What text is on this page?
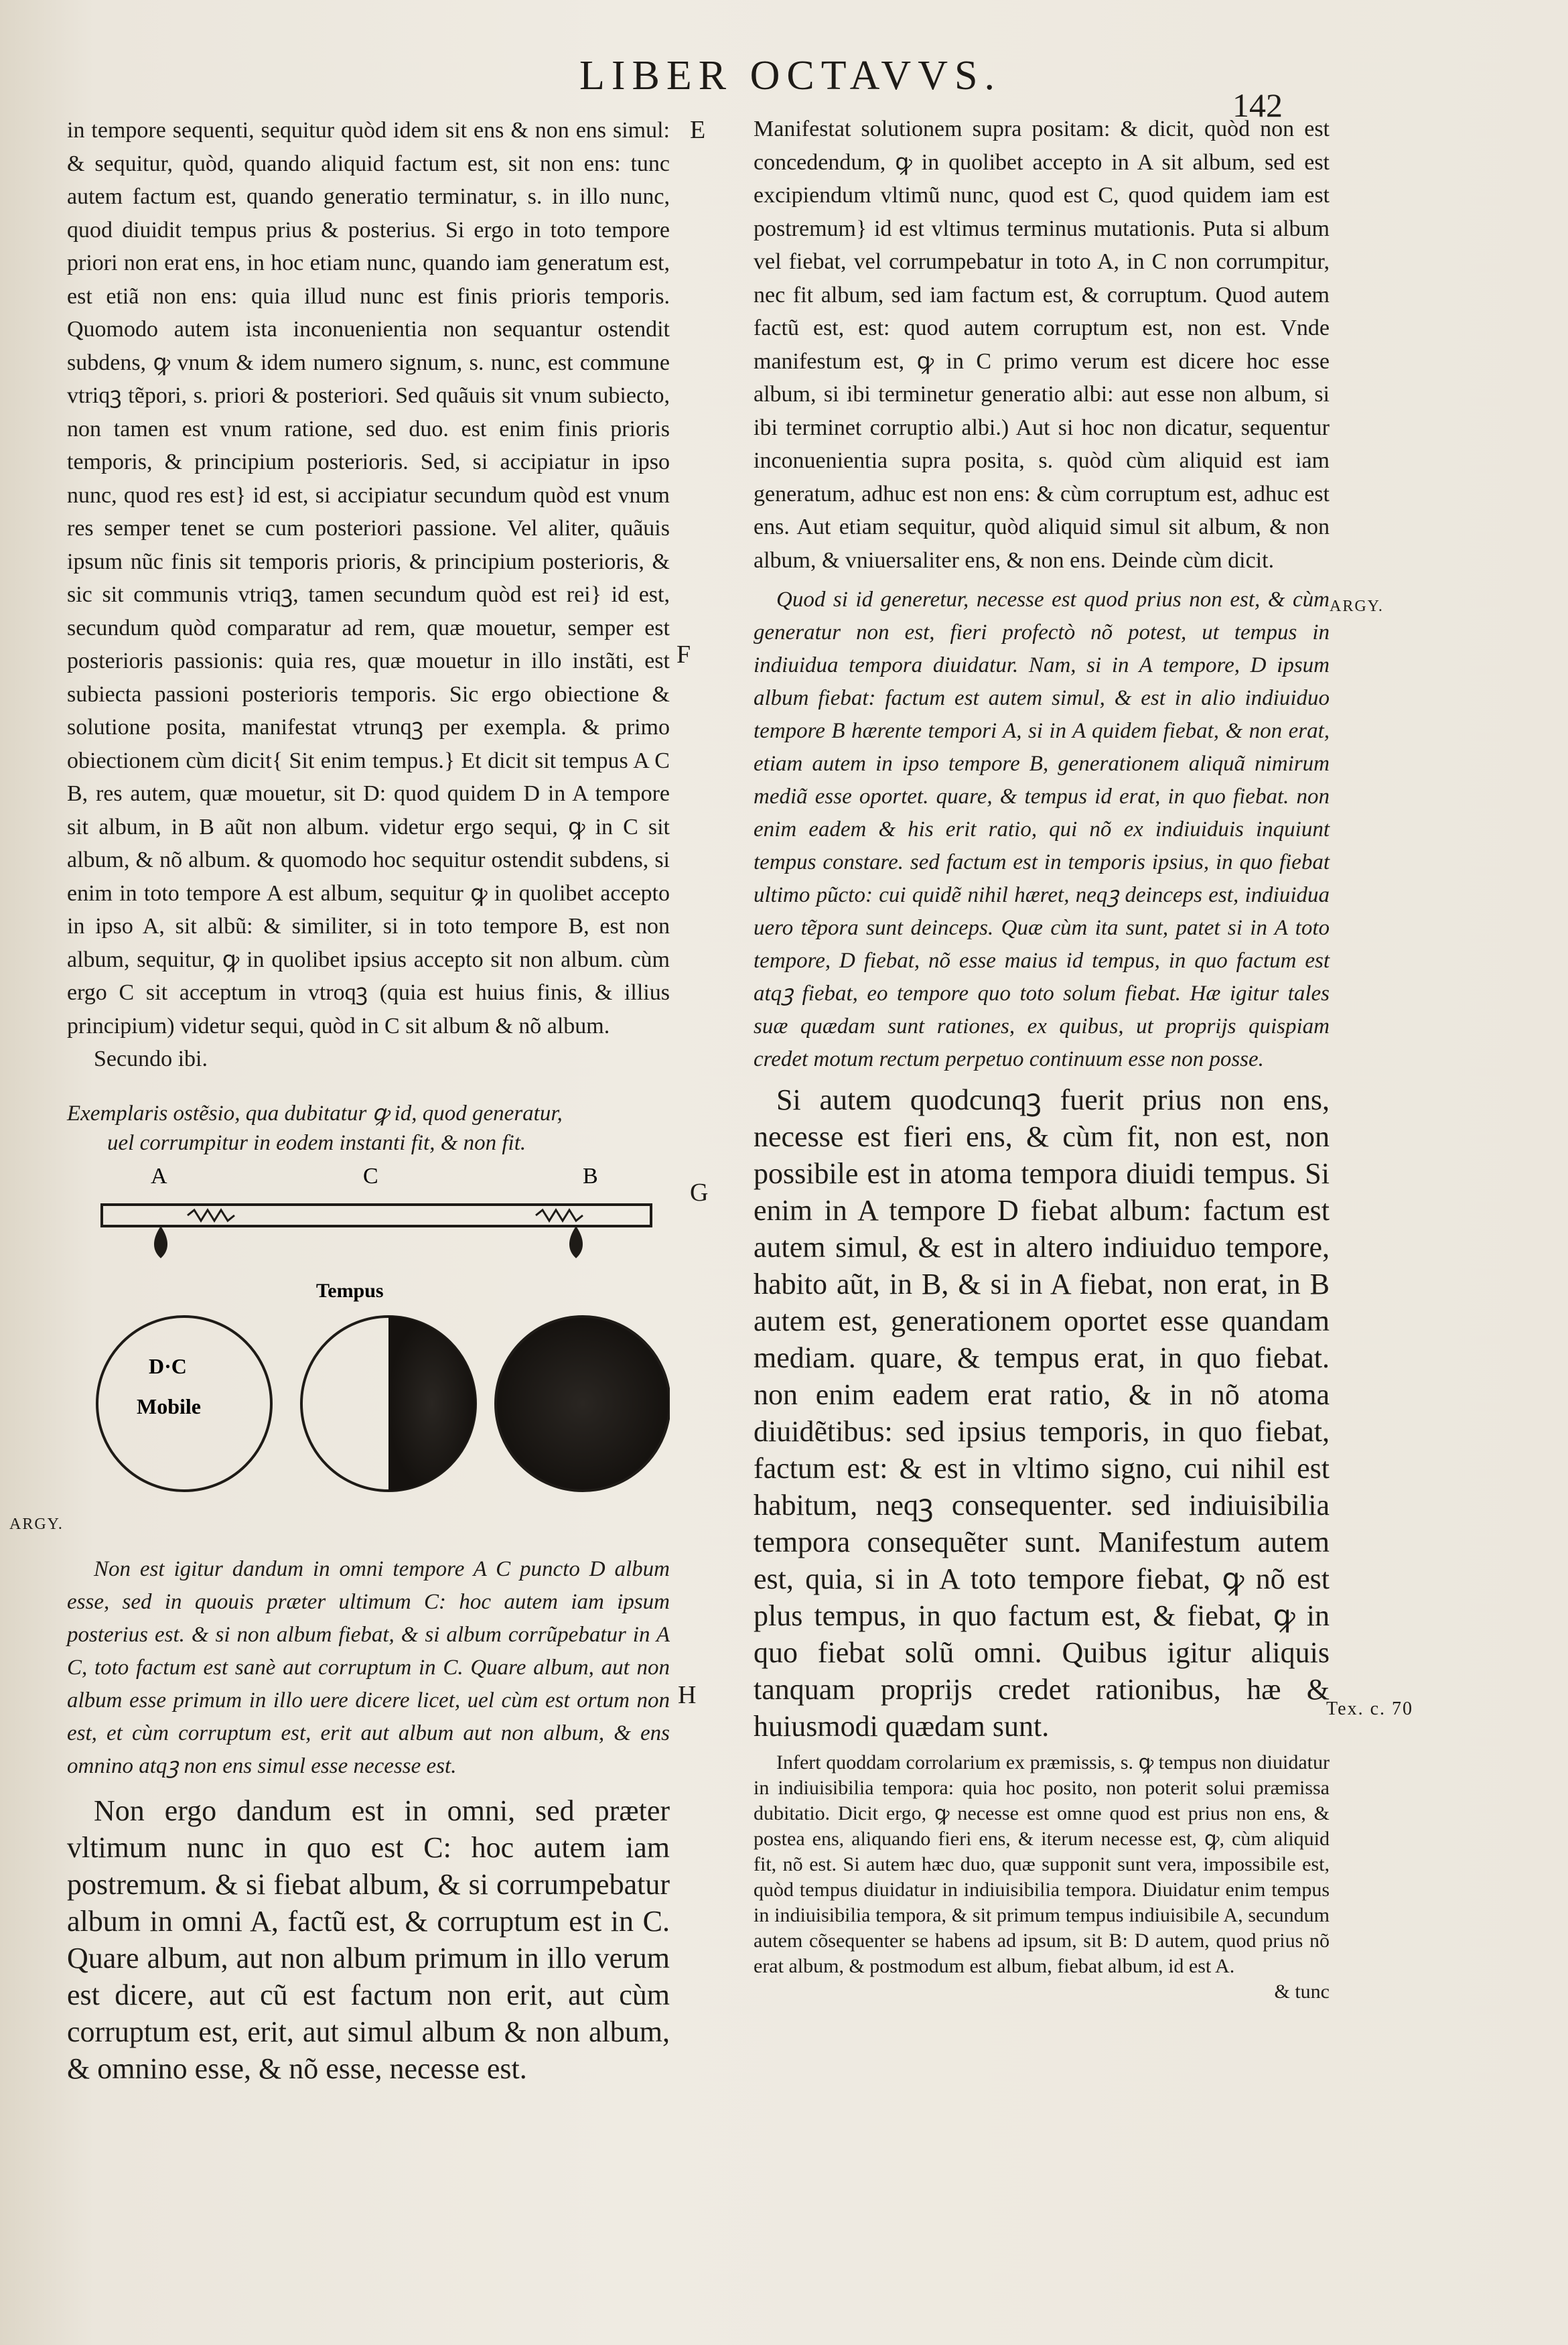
LIBER OCTAVVS.
142

in tempore sequenti, sequitur quòd idem sit ens & non ens simul: & sequitur, quòd, quando aliquid factum est, sit non ens: tunc autem factum est, quando generatio terminatur, s. in illo nunc, quod diuidit tempus prius & posterius. Si ergo in toto tempore priori non erat ens, in hoc etiam nunc, quando iam generatum est, est etiã non ens: quia illud nunc est finis prioris temporis. Quomodo autem ista inconuenientia non sequantur ostendit subdens, ꝙ vnum & idem numero signum, s. nunc, est commune vtriqꝫ tẽpori, s. priori & posteriori. Sed quãuis sit vnum subiecto, non tamen est vnum ratione, sed duo. est enim finis prioris temporis, & principium posterioris. Sed, si accipiatur in ipso nunc, quod res est} id est, si accipiatur secundum quòd est vnum res semper tenet se cum posteriori passione. Vel aliter, quãuis ipsum nũc finis sit temporis prioris, & principium posterioris, & sic sit communis vtriqꝫ, tamen secundum quòd est rei} id est, secundum quòd comparatur ad rem, quæ mouetur, semper est posterioris passionis: quia res, quæ mouetur in illo instãti, est subiecta passioni posterioris temporis. Sic ergo obiectione & solutione posita, manifestat vtrunqꝫ per exempla. & primo obiectionem cùm dicit{ Sit enim tempus.} Et dicit sit tempus A C B, res autem, quæ mouetur, sit D: quod quidem D in A tempore sit album, in B aũt non album. videtur ergo sequi, ꝙ in C sit album, & nõ album. & quomodo hoc sequitur ostendit subdens, si enim in toto tempore A est album, sequitur ꝙ in quolibet accepto in ipso A, sit albũ: & similiter, si in toto tempore B, est non album, sequitur, ꝙ in quolibet ipsius accepto sit non album. cùm ergo C sit acceptum in vtroqꝫ (quia est huius finis, & illius principium) videtur sequi, quòd in C sit album & nõ album.

Secundo ibi.

Exemplaris ostẽsio, qua dubitatur ꝙ id, quod generatur,
uel corrumpitur in eodem instanti fit, & non fit.
A	C	B
Tempus
D·C
Mobile

Non est igitur dandum in omni tempore A C puncto D album esse, sed in quouis præter ultimum C: hoc autem iam ipsum posterius est. & si non album fiebat, & si album corrũpebatur in A C, toto factum est sanè aut corruptum in C. Quare album, aut non album esse primum in illo uere dicere licet, uel cùm est ortum non est, et cùm corruptum est, erit aut album aut non album, & ens omnino atqꝫ non ens simul esse necesse est.

Non ergo dandum est in omni, sed præter vltimum nunc in quo est C: hoc autem iam postremum. & si fiebat album, & si corrumpebatur album in omni A, factũ est, & corruptum est in C. Quare album, aut non album primum in illo verum est dicere, aut cũ est factum non erit, aut cùm corruptum est, erit, aut simul album & non album, & omnino esse, & nõ esse, necesse est.

Manifestat solutionem supra positam: & dicit, quòd non est concedendum, ꝙ in quolibet accepto in A sit album, sed est excipiendum vltimũ nunc, quod est C, quod quidem iam est postremum} id est vltimus terminus mutationis. Puta si album vel fiebat, vel corrumpebatur in toto A, in C non corrumpitur, nec fit album, sed iam factum est, & corruptum. Quod autem factũ est, est: quod autem corruptum est, non est. Vnde manifestum est, ꝙ in C primo verum est dicere hoc esse album, si ibi terminetur generatio albi: aut esse non album, si ibi terminet corruptio albi.) Aut si hoc non dicatur, sequentur inconuenientia supra posita, s. quòd cùm aliquid est iam generatum, adhuc est non ens: & cùm corruptum est, adhuc est ens. Aut etiam sequitur, quòd aliquid simul sit album, & non album, & vniuersaliter ens, & non ens. Deinde cùm dicit.

Quod si id generetur, necesse est quod prius non est, & cùm generatur non est, fieri profectò nõ potest, ut tempus in indiuidua tempora diuidatur. Nam, si in A tempore, D ipsum album fiebat: factum est autem simul, & est in alio indiuiduo tempore B hærente tempori A, si in A quidem fiebat, & non erat, etiam autem in ipso tempore B, generationem aliquã nimirum mediã esse oportet. quare, & tempus id erat, in quo fiebat. non enim eadem & his erit ratio, qui nõ ex indiuiduis inquiunt tempus constare. sed factum est in temporis ipsius, in quo fiebat ultimo pũcto: cui quidẽ nihil hæret, neqꝫ deinceps est, indiuidua uero tẽpora sunt deinceps. Quæ cùm ita sunt, patet si in A toto tempore, D fiebat, nõ esse maius id tempus, in quo factum est atqꝫ fiebat, eo tempore quo toto solum fiebat. Hæ igitur tales suæ quædam sunt rationes, ex quibus, ut proprijs quispiam credet motum rectum perpetuo continuum esse non posse.

Si autem quodcunqꝫ fuerit prius non ens, necesse est fieri ens, & cùm fit, non est, non possibile est in atoma tempora diuidi tempus. Si enim in A tempore D fiebat album: factum est autem simul, & est in altero indiuiduo tempore, habito aũt, in B, & si in A fiebat, non erat, in B autem est, generationem oportet esse quandam mediam. quare, & tempus erat, in quo fiebat. non enim eadem erat ratio, & in nõ atoma diuidẽtibus: sed ipsius temporis, in quo fiebat, factum est: & est in vltimo signo, cui nihil est habitum, neqꝫ consequenter. sed indiuisibilia tempora consequẽter sunt. Manifestum autem est, quia, si in A toto tempore fiebat, ꝙ nõ est plus tempus, in quo factum est, & fiebat, ꝙ in quo fiebat solũ omni. Quibus igitur aliquis tanquam proprijs credet rationibus, hæ & huiusmodi quædam sunt.

Infert quoddam corrolarium ex præmissis, s. ꝙ tempus non diuidatur in indiuisibilia tempora: quia hoc posito, non poterit solui præmissa dubitatio. Dicit ergo, ꝙ necesse est omne quod est prius non ens, & postea ens, aliquando fieri ens, & iterum necesse est, ꝙ, cùm aliquid fit, nõ est. Si autem hæc duo, quæ supponit sunt vera, impossibile est, quòd tempus diuidatur in indiuisibilia tempora. Diuidatur enim tempus in indiuisibilia tempora, & sit primum tempus indiuisibile A, secundum autem cõsequenter se habens ad ipsum, sit B: D autem, quod prius nõ erat album, & postmodum est album, fiebat album, id est A.

& tunc

E
F
G
H
ARGY.
ARGY.
Tex. c. 70
